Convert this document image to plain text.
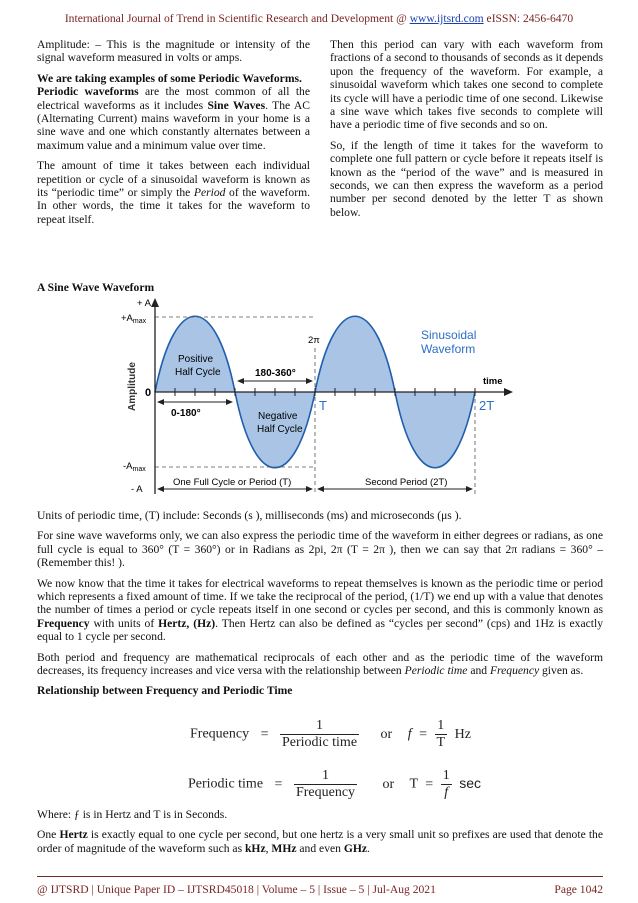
International Journal of Trend in Scientific Research and Development @ www.ijtsrd.com eISSN: 2456-6470

Amplitude: – This is the magnitude or intensity of the signal waveform measured in volts or amps.

We are taking examples of some Periodic Waveforms.

Periodic waveforms are the most common of all the electrical waveforms as it includes Sine Waves. The AC (Alternating Current) mains waveform in your home is a sine wave and one which constantly alternates between a maximum value and a minimum value over time.

The amount of time it takes between each individual repetition or cycle of a sinusoidal waveform is known as its “periodic time” or simply the Period of the waveform. In other words, the time it takes for the waveform to repeat itself.

Then this period can vary with each waveform from fractions of a second to thousands of seconds as it depends upon the frequency of the waveform. For example, a sinusoidal waveform which takes one second to complete its cycle will have a periodic time of one second. Likewise a sine wave which takes five seconds to complete will have a periodic time of five seconds and so on.

So, if the length of time it takes for the waveform to complete one full pattern or cycle before it repeats itself is known as the “period of the wave” and is measured in seconds, we can then express the waveform as a period number per second denoted by the letter T as shown below.

A Sine Wave Waveform
+ A
$+A_{max}$
0
$-A_{max}$
- A
Amplitude
2π
Positive
Half Cycle	180-360°
0-180°	Negative
Half Cycle
Sinusoidal
Waveform
time
T	2T
One Full Cycle or Period (T)	Second Period (2T)

Units of periodic time, (T) include: Seconds (s ), milliseconds (ms) and microseconds (μs ).

For sine wave waveforms only, we can also express the periodic time of the waveform in either degrees or radians, as one full cycle is equal to 360° (T = 360°) or in Radians as 2pi, 2π (T = 2π ), then we can say that 2π radians = 360° – (Remember this! ).

We now know that the time it takes for electrical waveforms to repeat themselves is known as the periodic time or period which represents a fixed amount of time. If we take the reciprocal of the period, (1/T) we end up with a value that denotes the number of times a period or cycle repeats itself in one second or cycles per second, and this is commonly known as Frequency with units of Hertz, (Hz). Then Hertz can also be defined as “cycles per second” (cps) and 1Hz is exactly equal to 1 cycle per second.

Both period and frequency are mathematical reciprocals of each other and as the periodic time of the waveform decreases, its frequency increases and vice versa with the relationship between Periodic time and Frequency given as.

Relationship between Frequency and Periodic Time

Frequency = $\frac{1}{\text{Periodic time}}$ or $f = \frac{1}{T}$ Hz
Periodic time = $\frac{1}{\text{Frequency}}$ or $T = \frac{1}{f}$ sec

Where: ƒ is in Hertz and T is in Seconds.

One Hertz is exactly equal to one cycle per second, but one hertz is a very small unit so prefixes are used that denote the order of magnitude of the waveform such as kHz, MHz and even GHz.

@ IJTSRD | Unique Paper ID – IJTSRD45018 | Volume – 5 | Issue – 5 | Jul-Aug 2021	Page 1042
